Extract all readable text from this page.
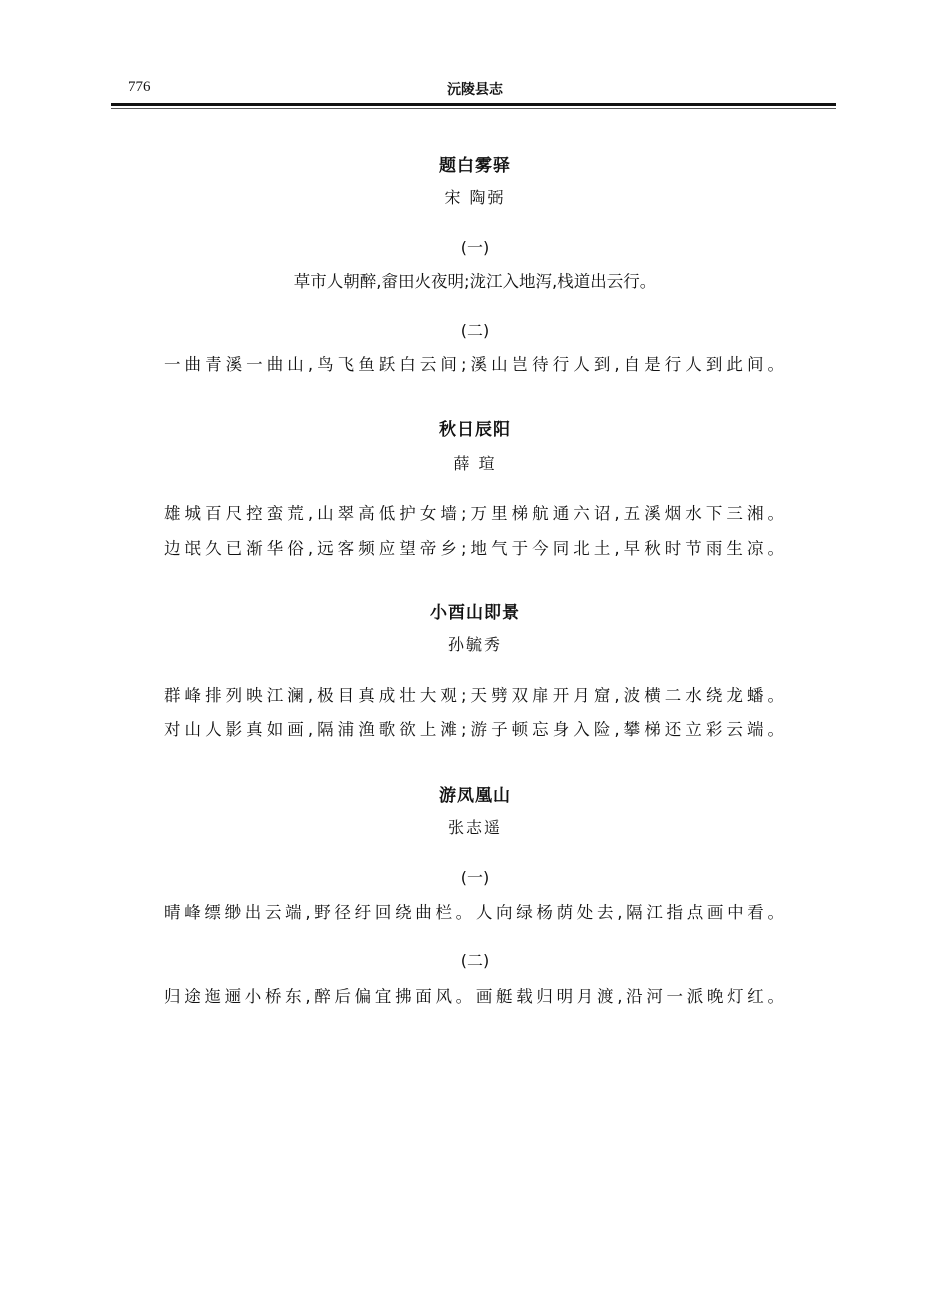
776	沅陵县志
题白雾驿
宋 陶弼
(一)
草市人朝醉,畲田火夜明;泷江入地泻,栈道出云行。
(二)
一曲青溪一曲山,鸟飞鱼跃白云间;溪山岂待行人到,自是行人到此间。
秋日辰阳
薛 瑄
雄城百尺控蛮荒,山翠高低护女墙;万里梯航通六诏,五溪烟水下三湘。
边氓久已渐华俗,远客频应望帝乡;地气于今同北土,早秋时节雨生凉。
小酉山即景
孙毓秀
群峰排列映江澜,极目真成壮大观;天劈双扉开月窟,波横二水绕龙蟠。
对山人影真如画,隔浦渔歌欲上滩;游子顿忘身入险,攀梯还立彩云端。
游凤凰山
张志遥
(一)
晴峰缥缈出云端,野径纡回绕曲栏。人向绿杨荫处去,隔江指点画中看。
(二)
归途迤逦小桥东,醉后偏宜拂面风。画艇载归明月渡,沿河一派晚灯红。
